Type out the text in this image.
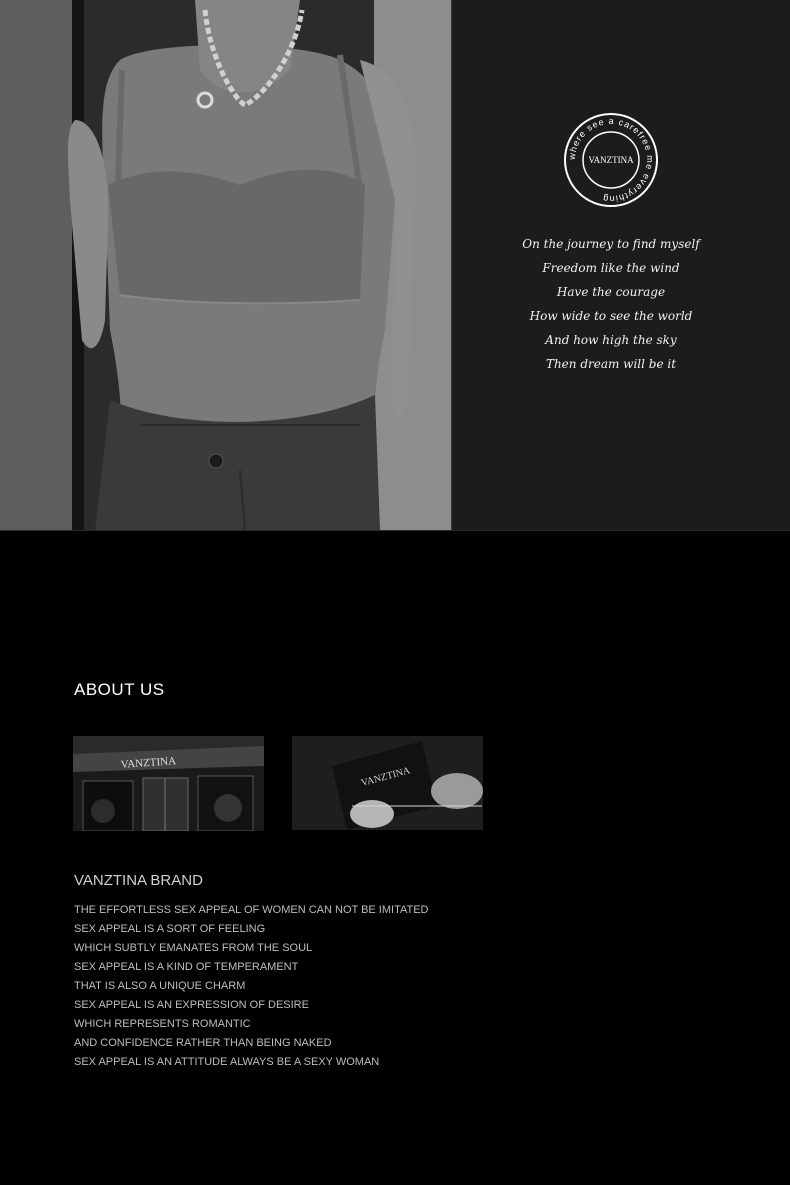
where see a carefree me everything
VANZTINA
On the journey to find myself
Freedom like the wind
Have the courage
How wide to see the world
And how high the sky
Then dream will be it
ABOUT US
VANZTINA
VANZTINA
VANZTINA BRAND
THE EFFORTLESS SEX APPEAL OF WOMEN CAN NOT BE IMITATED
SEX APPEAL IS A SORT OF FEELING
WHICH SUBTLY EMANATES FROM THE SOUL
SEX APPEAL IS A KIND OF TEMPERAMENT
THAT IS ALSO A UNIQUE CHARM
SEX APPEAL IS AN EXPRESSION OF DESIRE
WHICH REPRESENTS ROMANTIC
AND CONFIDENCE RATHER THAN BEING NAKED
SEX APPEAL IS AN ATTITUDE ALWAYS BE A SEXY WOMAN
